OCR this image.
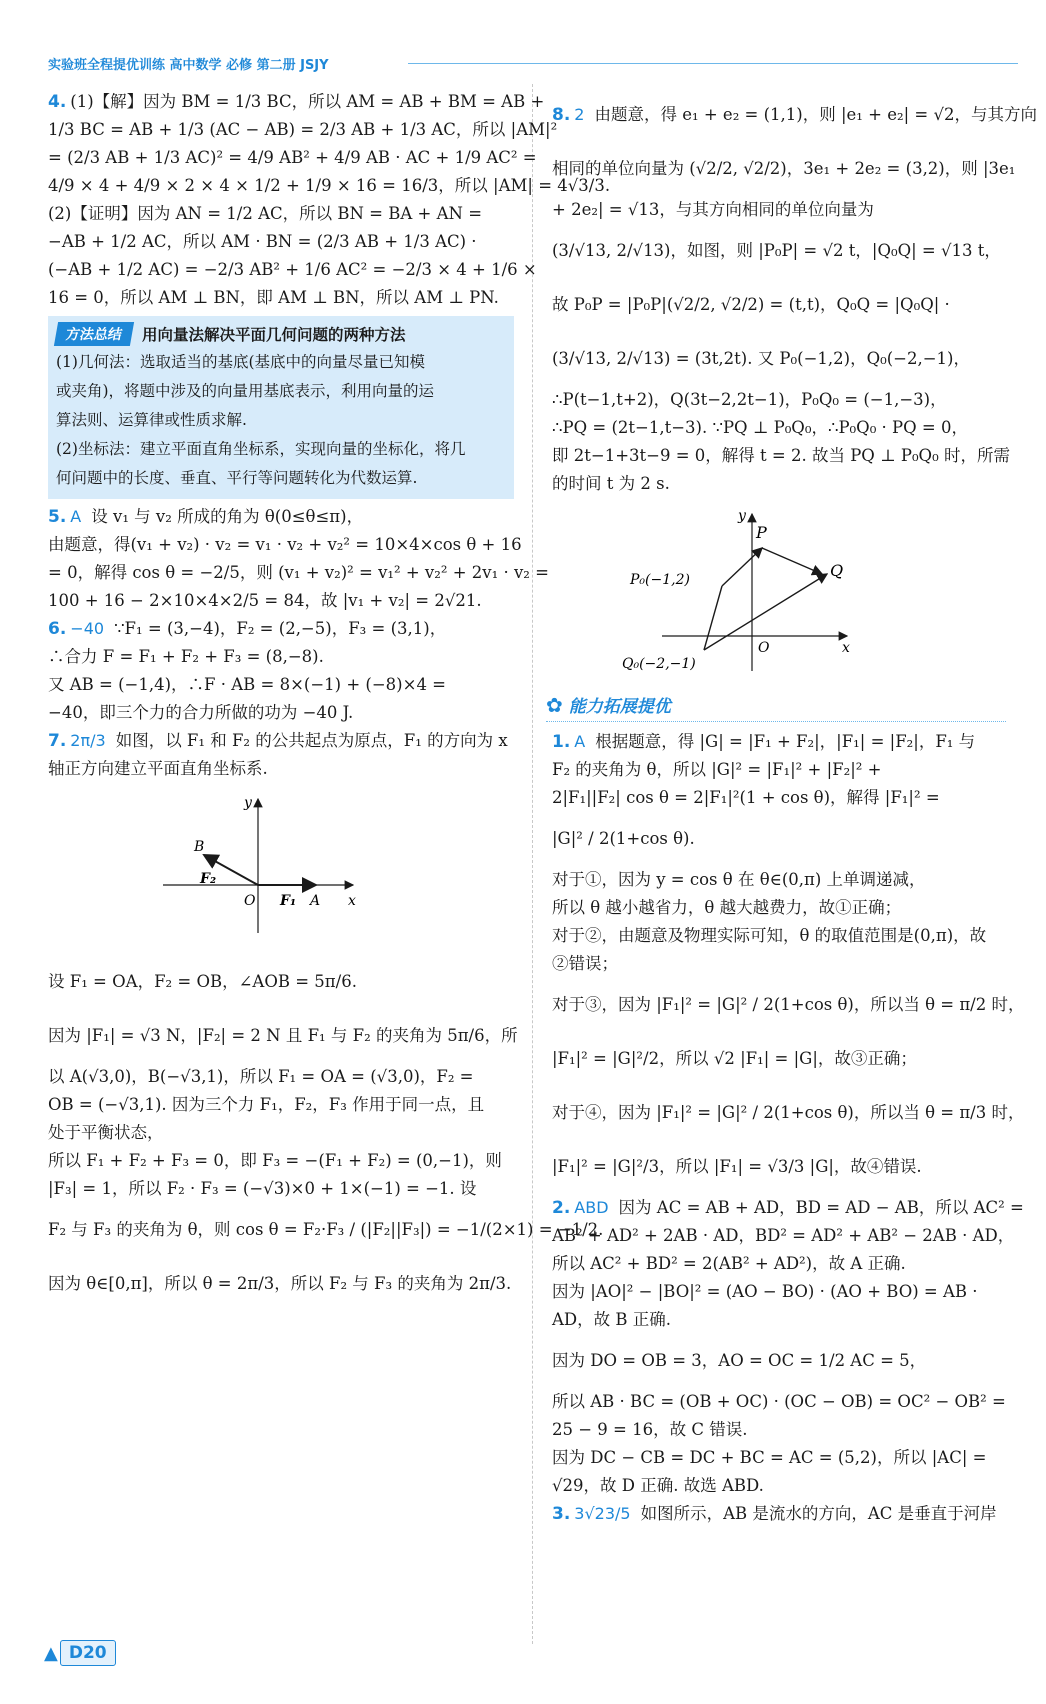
实验班全程提优训练 高中数学 必修 第二册 JSJY
4. (1)【解】因为 BM = 1/3 BC，所以 AM = AB + BM = AB +
1/3 BC = AB + 1/3 (AC − AB) = 2/3 AB + 1/3 AC，所以 |AM|²
= (2/3 AB + 1/3 AC)² = 4/9 AB² + 4/9 AB · AC + 1/9 AC² =
4/9 × 4 + 4/9 × 2 × 4 × 1/2 + 1/9 × 16 = 16/3，所以 |AM| = 4√3/3.
(2)【证明】因为 AN = 1/2 AC，所以 BN = BA + AN =
−AB + 1/2 AC，所以 AM · BN = (2/3 AB + 1/3 AC) ·
(−AB + 1/2 AC) = −2/3 AB² + 1/6 AC² = −2/3 × 4 + 1/6 ×
16 = 0，所以 AM ⊥ BN，即 AM ⊥ BN，所以 AM ⊥ PN.
方法总结	用向量法解决平面几何问题的两种方法
(1)几何法：选取适当的基底(基底中的向量尽量已知模
或夹角)，将题中涉及的向量用基底表示，利用向量的运
算法则、运算律或性质求解.
(2)坐标法：建立平面直角坐标系，实现向量的坐标化，将几
何问题中的长度、垂直、平行等问题转化为代数运算.
5. A 设 v₁ 与 v₂ 所成的角为 θ(0≤θ≤π)，
由题意，得(v₁ + v₂) · v₂ = v₁ · v₂ + v₂² = 10×4×cos θ + 16
= 0，解得 cos θ = −2/5，则 (v₁ + v₂)² = v₁² + v₂² + 2v₁ · v₂ =
100 + 16 − 2×10×4×2/5 = 84，故 |v₁ + v₂| = 2√21.
6. −40 ∵F₁ = (3,−4)，F₂ = (2,−5)，F₃ = (3,1)，
∴合力 F = F₁ + F₂ + F₃ = (8,−8).
又 AB = (−1,4)，∴F · AB = 8×(−1) + (−8)×4 =
−40，即三个力的合力所做的功为 −40 J.
7. 2π/3 如图，以 F₁ 和 F₂ 的公共起点为原点，F₁ 的方向为 x
轴正方向建立平面直角坐标系.
y
x
B
F₂
O F₁ A
设 F₁ = OA，F₂ = OB，∠AOB = 5π/6.
因为 |F₁| = √3 N，|F₂| = 2 N 且 F₁ 与 F₂ 的夹角为 5π/6，所
以 A(√3,0)，B(−√3,1)，所以 F₁ = OA = (√3,0)，F₂ =
OB = (−√3,1). 因为三个力 F₁，F₂，F₃ 作用于同一点，且
处于平衡状态，
所以 F₁ + F₂ + F₃ = 0，即 F₃ = −(F₁ + F₂) = (0,−1)，则
|F₃| = 1，所以 F₂ · F₃ = (−√3)×0 + 1×(−1) = −1. 设
F₂ 与 F₃ 的夹角为 θ，则 cos θ = F₂·F₃ / (|F₂||F₃|) = −1/(2×1) = −1/2.
因为 θ∈[0,π]，所以 θ = 2π/3，所以 F₂ 与 F₃ 的夹角为 2π/3.
8. 2 由题意，得 e₁ + e₂ = (1,1)，则 |e₁ + e₂| = √2，与其方向
相同的单位向量为 (√2/2, √2/2)，3e₁ + 2e₂ = (3,2)，则 |3e₁
+ 2e₂| = √13，与其方向相同的单位向量为
(3/√13, 2/√13)，如图，则 |P₀P| = √2 t，|Q₀Q| = √13 t，
故 P₀P = |P₀P|(√2/2, √2/2) = (t,t)，Q₀Q = |Q₀Q| ·
(3/√13, 2/√13) = (3t,2t). 又 P₀(−1,2)，Q₀(−2,−1)，
∴P(t−1,t+2)，Q(3t−2,2t−1)，P₀Q₀ = (−1,−3)，
∴PQ = (2t−1,t−3). ∵PQ ⊥ P₀Q₀，∴P₀Q₀ · PQ = 0，
即 2t−1+3t−9 = 0，解得 t = 2. 故当 PQ ⊥ P₀Q₀ 时，所需
的时间 t 为 2 s.
y
x
P
Q
P₀(−1,2)
Q₀(−2,−1)
O
✿ 能力拓展提优
1. A 根据题意，得 |G| = |F₁ + F₂|，|F₁| = |F₂|，F₁ 与
F₂ 的夹角为 θ，所以 |G|² = |F₁|² + |F₂|² +
2|F₁||F₂| cos θ = 2|F₁|²(1 + cos θ)，解得 |F₁|² =
|G|² / 2(1+cos θ).
对于①，因为 y = cos θ 在 θ∈(0,π) 上单调递减，
所以 θ 越小越省力，θ 越大越费力，故①正确；
对于②，由题意及物理实际可知，θ 的取值范围是(0,π)，故
②错误；
对于③，因为 |F₁|² = |G|² / 2(1+cos θ)，所以当 θ = π/2 时，
|F₁|² = |G|²/2，所以 √2 |F₁| = |G|，故③正确；
对于④，因为 |F₁|² = |G|² / 2(1+cos θ)，所以当 θ = π/3 时，
|F₁|² = |G|²/3，所以 |F₁| = √3/3 |G|，故④错误.
2. ABD 因为 AC = AB + AD，BD = AD − AB，所以 AC² =
AB² + AD² + 2AB · AD，BD² = AD² + AB² − 2AB · AD，
所以 AC² + BD² = 2(AB² + AD²)，故 A 正确.
因为 |AO|² − |BO|² = (AO − BO) · (AO + BO) = AB ·
AD，故 B 正确.
因为 DO = OB = 3，AO = OC = 1/2 AC = 5，
所以 AB · BC = (OB + OC) · (OC − OB) = OC² − OB² =
25 − 9 = 16，故 C 错误.
因为 DC − CB = DC + BC = AC = (5,2)，所以 |AC| =
√29，故 D 正确. 故选 ABD.
3. 3√23/5 如图所示，AB 是流水的方向，AC 是垂直于河岸
▲ D20
